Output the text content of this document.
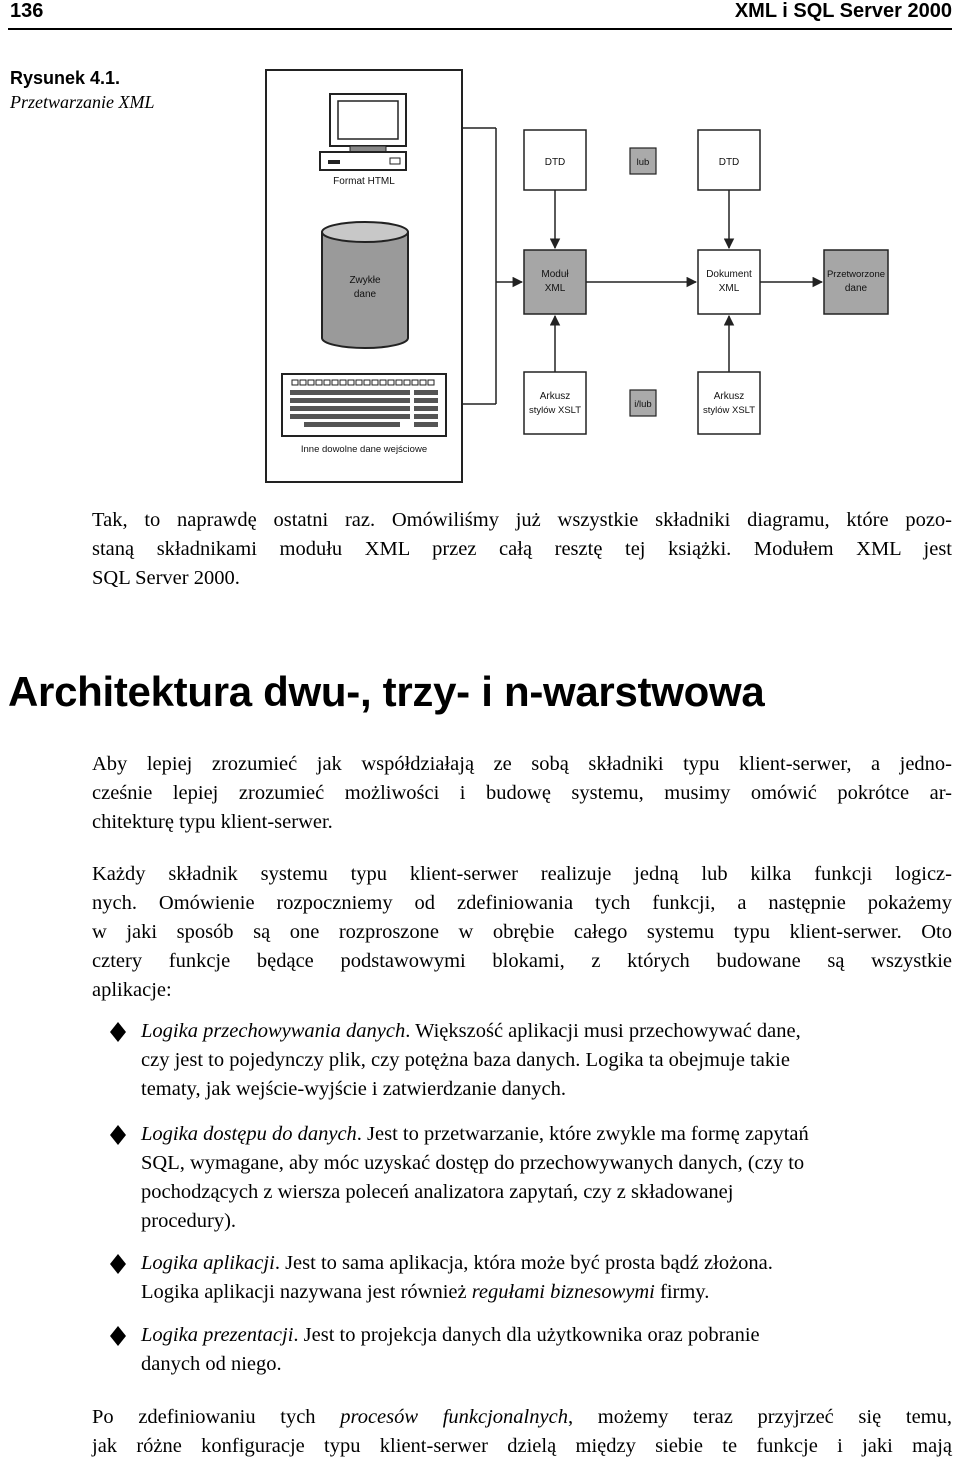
136	XML i SQL Server 2000
Rysunek 4.1.
Przetwarzanie XML
Format HTML
Zwykłe
dane
Inne dowolne dane wejściowe
DTD	lub	DTD
Moduł
XML
Dokument
XML
Przetworzone
dane
Arkusz
stylów XSLT
i/lub
Arkusz
stylów XSLT
Tak, to naprawdę ostatni raz. Omówiliśmy już wszystkie składniki diagramu, które pozo-
staną składnikami modułu XML przez całą resztę tej książki. Modułem XML jest
SQL Server 2000.
Architektura dwu-, trzy- i n-warstwowa
Aby lepiej zrozumieć jak współdziałają ze sobą składniki typu klient-serwer, a jedno-
cześnie lepiej zrozumieć możliwości i budowę systemu, musimy omówić pokrótce ar-
chitekturę typu klient-serwer.
Każdy składnik systemu typu klient-serwer realizuje jedną lub kilka funkcji logicz-
nych. Omówienie rozpoczniemy od zdefiniowania tych funkcji, a następnie pokażemy
w jaki sposób są one rozproszone w obrębie całego systemu typu klient-serwer. Oto
cztery funkcje będące podstawowymi blokami, z których budowane są wszystkie
aplikacje:
Logika przechowywania danych. Większość aplikacji musi przechowywać dane,
czy jest to pojedynczy plik, czy potężna baza danych. Logika ta obejmuje takie
tematy, jak wejście-wyjście i zatwierdzanie danych.
Logika dostępu do danych. Jest to przetwarzanie, które zwykle ma formę zapytań
SQL, wymagane, aby móc uzyskać dostęp do przechowywanych danych, (czy to
pochodzących z wiersza poleceń analizatora zapytań, czy z składowanej
procedury).
Logika aplikacji. Jest to sama aplikacja, która może być prosta bądź złożona.
Logika aplikacji nazywana jest również regułami biznesowymi firmy.
Logika prezentacji. Jest to projekcja danych dla użytkownika oraz pobranie
danych od niego.
Po zdefiniowaniu tych procesów funkcjonalnych, możemy teraz przyjrzeć się temu,
jak różne konfiguracje typu klient-serwer dzielą między siebie te funkcje i jaki mają
